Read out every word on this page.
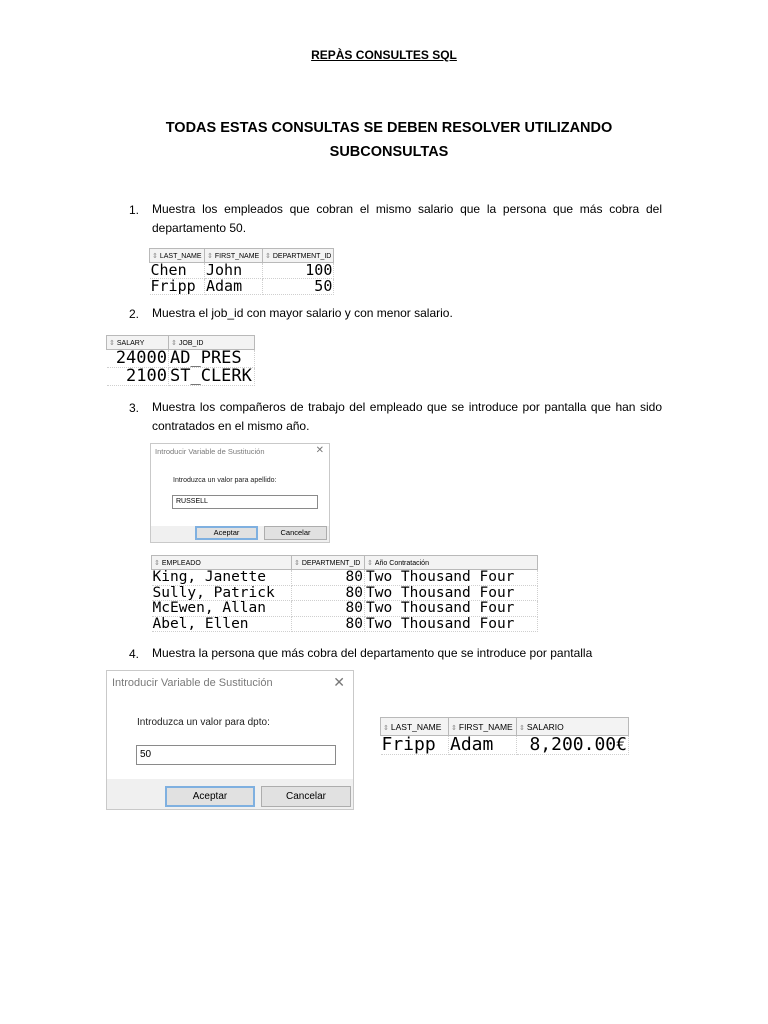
REPÀS CONSULTES SQL
TODAS ESTAS CONSULTAS SE DEBEN RESOLVER UTILIZANDO SUBCONSULTAS
1. Muestra los empleados que cobran el mismo salario que la persona que más cobra del departamento 50.
⇕ LAST_NAME	⇕ FIRST_NAME	⇕ DEPARTMENT_ID
Chen	John	100
Fripp	Adam	50
2. Muestra el job_id con mayor salario y con menor salario.
⇕ SALARY	⇕ JOB_ID
24000	AD_PRES
2100	ST_CLERK
3. Muestra los compañeros de trabajo del empleado que se introduce por pantalla que han sido contratados en el mismo año.
Introducir Variable de Sustitución	✕
Introduzca un valor para apellido:
RUSSELL
Aceptar	Cancelar
⇕ EMPLEADO	⇕ DEPARTMENT_ID	⇕ Año Contratación
King, Janette	80	Two Thousand Four
Sully, Patrick	80	Two Thousand Four
McEwen, Allan	80	Two Thousand Four
Abel, Ellen	80	Two Thousand Four
4. Muestra la persona que más cobra del departamento que se introduce por pantalla
Introducir Variable de Sustitución	✕
Introduzca un valor para dpto:
50
Aceptar	Cancelar
⇕ LAST_NAME	⇕ FIRST_NAME	⇕ SALARIO
Fripp	Adam	8,200.00€
